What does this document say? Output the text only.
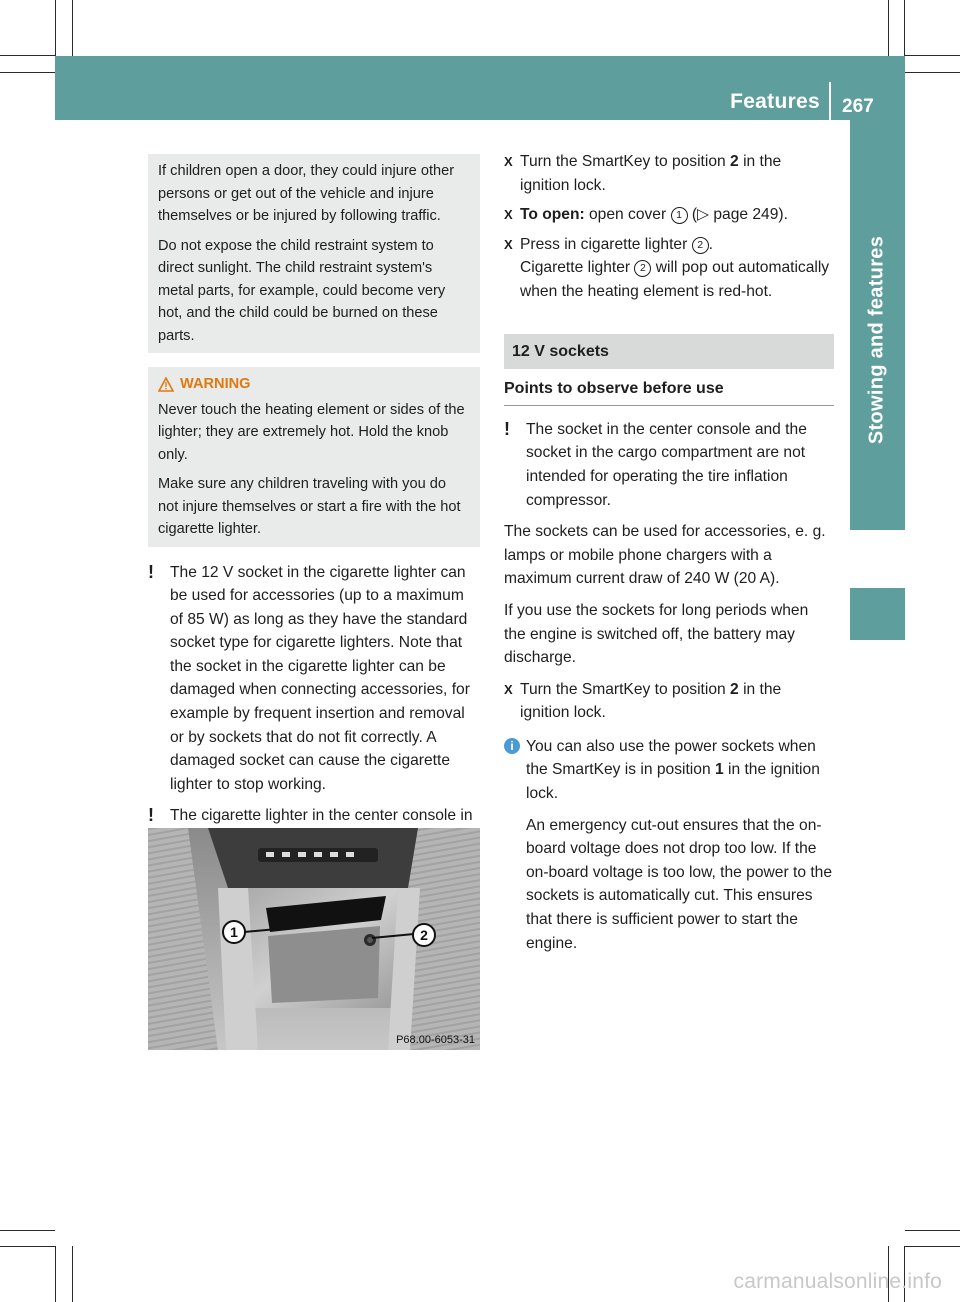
Features 267
Stowing and features

If children open a door, they could injure other persons or get out of the vehicle and injure themselves or be injured by following traffic.

Do not expose the child restraint system to direct sunlight. The child restraint system's metal parts, for example, could become very hot, and the child could be burned on these parts.

WARNING

Never touch the heating element or sides of the lighter; they are extremely hot. Hold the knob only.

Make sure any children traveling with you do not injure themselves or start a fire with the hot cigarette lighter.

! The 12 V socket in the cigarette lighter can be used for accessories (up to a maximum of 85 W) as long as they have the standard socket type for cigarette lighters. Note that the socket in the cigarette lighter can be damaged when connecting accessories, for example by frequent insertion and removal or by sockets that do not fit correctly. A damaged socket can cause the cigarette lighter to stop working.
! The cigarette lighter in the center console in
1	2
P68.00-6053-31
X Turn the SmartKey to position 2 in the ignition lock.
X To open: open cover 1 (▷ page 249).
X Press in cigarette lighter 2 .
Cigarette lighter 2 will pop out automatically when the heating element is red-hot.
12 V sockets
Points to observe before use
! The socket in the center console and the socket in the cargo compartment are not intended for operating the tire inflation compressor.

The sockets can be used for accessories, e. g. lamps or mobile phone chargers with a maximum current draw of 240 W (20 A).

If you use the sockets for long periods when the engine is switched off, the battery may discharge.

X Turn the SmartKey to position 2 in the ignition lock.
i You can also use the power sockets when the SmartKey is in position 1 in the ignition lock.
An emergency cut-out ensures that the on-board voltage does not drop too low. If the on-board voltage is too low, the power to the sockets is automatically cut. This ensures that there is sufficient power to start the engine.
carmanualsonline.info
